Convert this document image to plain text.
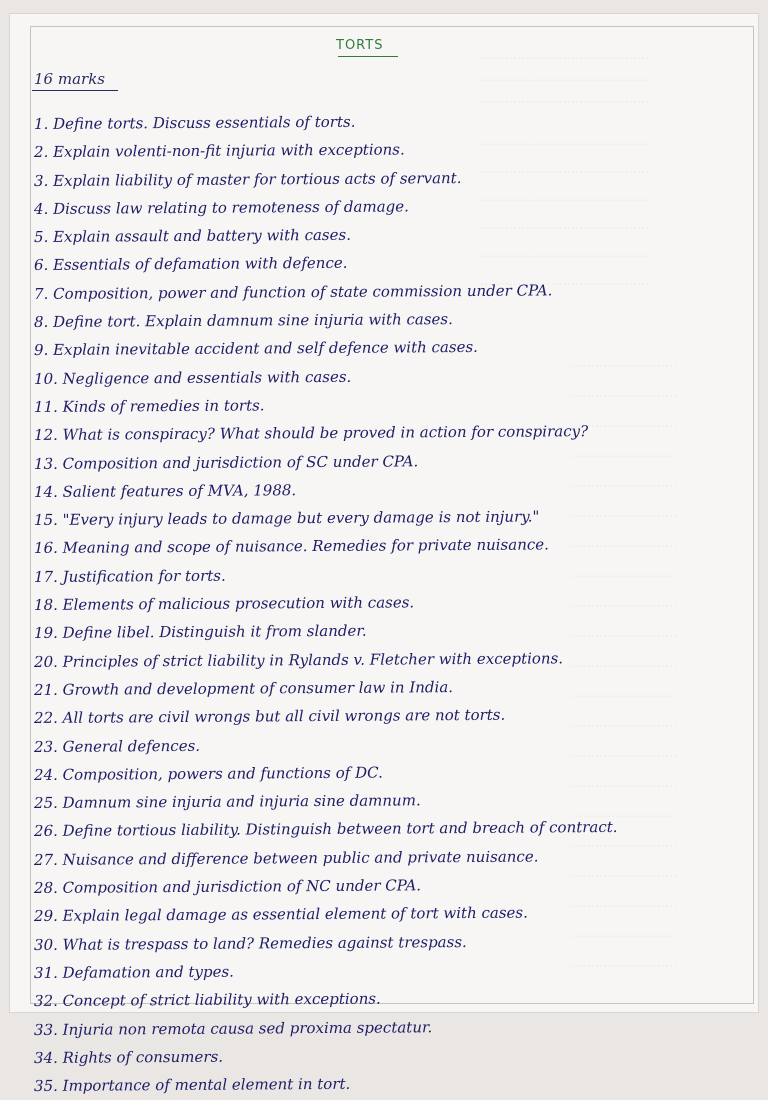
.........................................
.........................................
.........................................
.........................................
.........................................
.........................................
.........................................
.........................................
.........................................
..........................
..........................
..........................
..........................
..........................
..........................
..........................
..........................
..........................
..........................
..........................
..........................
..........................
..........................
..........................
..........................
..........................
..........................
..........................
..........................
..........................
TORTS
16 marks
1. Define torts. Discuss essentials of torts.
2. Explain volenti-non-fit injuria with exceptions.
3. Explain liability of master for tortious acts of servant.
4. Discuss law relating to remoteness of damage.
5. Explain assault and battery with cases.
6. Essentials of defamation with defence.
7. Composition, power and function of state commission under CPA.
8. Define tort. Explain damnum sine injuria with cases.
9. Explain inevitable accident and self defence with cases.
10. Negligence and essentials with cases.
11. Kinds of remedies in torts.
12. What is conspiracy? What should be proved in action for conspiracy?
13. Composition and jurisdiction of SC under CPA.
14. Salient features of MVA, 1988.
15. "Every injury leads to damage but every damage is not injury."
16. Meaning and scope of nuisance. Remedies for private nuisance.
17. Justification for torts.
18. Elements of malicious prosecution with cases.
19. Define libel. Distinguish it from slander.
20. Principles of strict liability in Rylands v. Fletcher with exceptions.
21. Growth and development of consumer law in India.
22. All torts are civil wrongs but all civil wrongs are not torts.
23. General defences.
24. Composition, powers and functions of DC.
25. Damnum sine injuria and injuria sine damnum.
26. Define tortious liability. Distinguish between tort and breach of contract.
27. Nuisance and difference between public and private nuisance.
28. Composition and jurisdiction of NC under CPA.
29. Explain legal damage as essential element of tort with cases.
30. What is trespass to land? Remedies against trespass.
31. Defamation and types.
32. Concept of strict liability with exceptions.
33. Injuria non remota causa sed proxima spectatur.
34. Rights of consumers.
35. Importance of mental element in tort.
